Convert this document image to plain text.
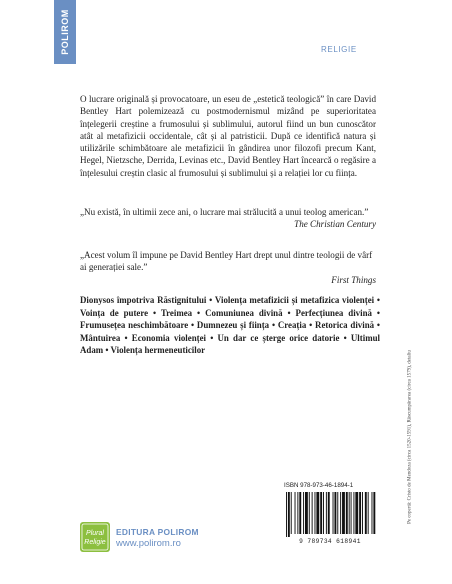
POLIROM	RELIGIE

O lucrare originală și provocatoare, un eseu de „estetică teologică” în care David Bentley Hart polemizează cu postmodernismul mizând pe superioritatea înțelegerii creștine a frumosului și sublimului, autorul fiind un bun cunoscător atât al metafizicii occidentale, cât și al patristicii. După ce identifică natura și utilizările schimbătoare ale metafizicii în gândirea unor filozofi precum Kant, Hegel, Nietzsche, Derrida, Levinas etc., David Bentley Hart încearcă o regăsire a înțelesului creștin clasic al frumosului și sublimului și a relației lor cu ființa.

„Nu există, în ultimii zece ani, o lucrare mai strălucită a unui teolog american.”

The Christian Century

„Acest volum îl impune pe David Bentley Hart drept unul dintre teologii de vârf ai generației sale.”

First Things

Dionysos împotriva Răstignitului • Violența metafizicii și metafizica violenței • Voința de putere • Treimea • Comuniunea divină • Perfecțiunea divină • Frumusețea neschimbătoare • Dumnezeu și ființa • Creația • Retorica divină • Mântuirea • Economia violenței • Un dar ce șterge orice datorie • Ultimul Adam • Violența hermeneuticilor

ISBN 978-973-46-1894-1
9 789734 618941
Plural
Religie
EDITURA POLIROM
www.polirom.ro
Pe copertă: Cristo de Mendoza (circa 1520-1591), Răscumpărarea (circa 1579), detaliu
